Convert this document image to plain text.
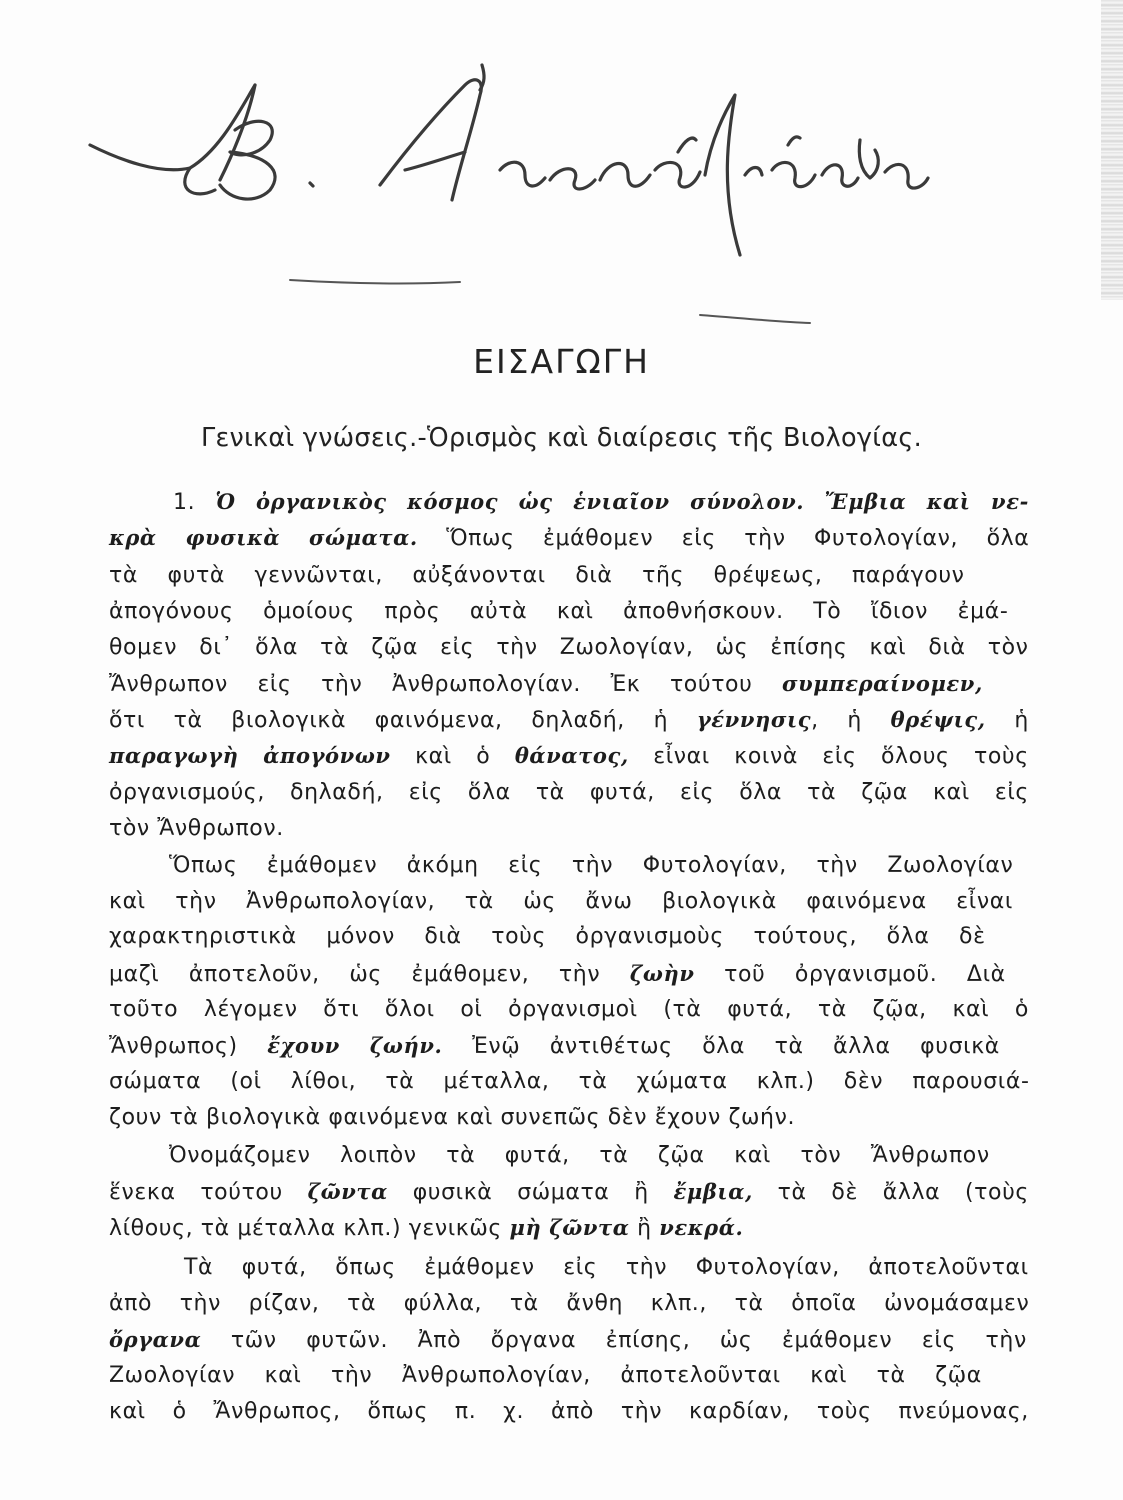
ΕΙΣΑΓΩΓΗ
Γενικαὶ γνώσεις.-Ὁρισμὸς καὶ διαίρεσις τῆς Βιολογίας.
1. Ὁ ὀργανικὸς κόσμος ὡς ἑνιαῖον σύνολον. Ἔμβια καὶ νε-
κρὰ φυσικὰ σώματα. Ὅπως ἐμάθομεν εἰς τὴν Φυτολογίαν, ὅλα
τὰ φυτὰ γεννῶνται, αὐξάνονται διὰ τῆς θρέψεως, παράγουν
ἀπογόνους ὁμοίους πρὸς αὐτὰ καὶ ἀποθνήσκουν. Τὸ ἴδιον ἐμά-
θομεν δι᾽ ὅλα τὰ ζῷα εἰς τὴν Ζωολογίαν, ὡς ἐπίσης καὶ διὰ τὸν
Ἄνθρωπον εἰς τὴν Ἀνθρωπολογίαν. Ἐκ τούτου συμπεραίνομεν,
ὅτι τὰ βιολογικὰ φαινόμενα, δηλαδή, ἡ γέννησις, ἡ θρέψις, ἡ
παραγωγὴ ἀπογόνων καὶ ὁ θάνατος, εἶναι κοινὰ εἰς ὅλους τοὺς
ὀργανισμούς, δηλαδή, εἰς ὅλα τὰ φυτά, εἰς ὅλα τὰ ζῷα καὶ εἰς
τὸν Ἄνθρωπον.
Ὅπως ἐμάθομεν ἀκόμη εἰς τὴν Φυτολογίαν, τὴν Ζωολογίαν
καὶ τὴν Ἀνθρωπολογίαν, τὰ ὡς ἄνω βιολογικὰ φαινόμενα εἶναι
χαρακτηριστικὰ μόνον διὰ τοὺς ὀργανισμοὺς τούτους, ὅλα δὲ
μαζὶ ἀποτελοῦν, ὡς ἐμάθομεν, τὴν ζωὴν τοῦ ὀργανισμοῦ. Διὰ
τοῦτο λέγομεν ὅτι ὅλοι οἱ ὀργανισμοὶ (τὰ φυτά, τὰ ζῷα, καὶ ὁ
Ἄνθρωπος) ἔχουν ζωήν. Ἐνῷ ἀντιθέτως ὅλα τὰ ἄλλα φυσικὰ
σώματα (οἱ λίθοι, τὰ μέταλλα, τὰ χώματα κλπ.) δὲν παρουσιά-
ζουν τὰ βιολογικὰ φαινόμενα καὶ συνεπῶς δὲν ἔχουν ζωήν.
Ὀνομάζομεν λοιπὸν τὰ φυτά, τὰ ζῷα καὶ τὸν Ἄνθρωπον
ἕνεκα τούτου ζῶντα φυσικὰ σώματα ἢ ἔμβια, τὰ δὲ ἄλλα (τοὺς
λίθους, τὰ μέταλλα κλπ.) γενικῶς μὴ ζῶντα ἢ νεκρά.
Τὰ φυτά, ὅπως ἐμάθομεν εἰς τὴν Φυτολογίαν, ἀποτελοῦνται
ἀπὸ τὴν ρίζαν, τὰ φύλλα, τὰ ἄνθη κλπ., τὰ ὁποῖα ὠνομάσαμεν
ὄργανα τῶν φυτῶν. Ἀπὸ ὄργανα ἐπίσης, ὡς ἐμάθομεν εἰς τὴν
Ζωολογίαν καὶ τὴν Ἀνθρωπολογίαν, ἀποτελοῦνται καὶ τὰ ζῷα
καὶ ὁ Ἄνθρωπος, ὅπως π. χ. ἀπὸ τὴν καρδίαν, τοὺς πνεύμονας,
